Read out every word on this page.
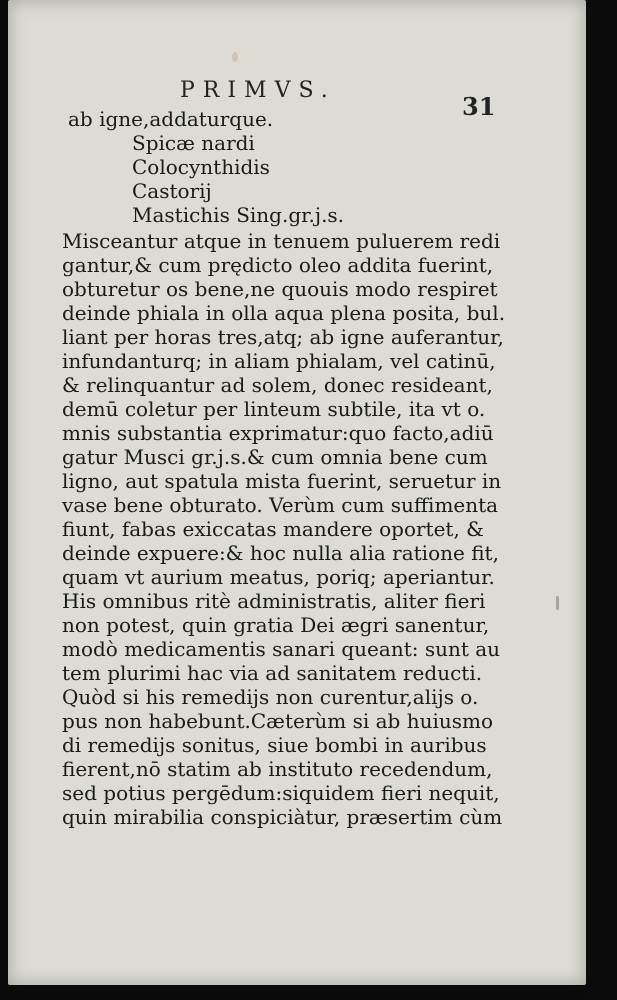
PRIMVS.
31
ab igne,addaturque.
Spicæ nardi
Colocynthidis
Castorij
Mastichis Sing.gr.j.s.
Misceantur atque in tenuem puluerem redi
gantur,& cum prędicto oleo addita fuerint,
obturetur os bene,ne quouis modo respiret
deinde phiala in olla aqua plena posita, bul.
liant per horas tres,atq; ab igne auferantur,
infundanturq; in aliam phialam, vel catinū,
& relinquantur ad solem, donec resideant,
demū coletur per linteum subtile, ita vt o.
mnis substantia exprimatur:quo facto,adiū
gatur Musci gr.j.s.& cum omnia bene cum
ligno, aut spatula mista fuerint, seruetur in
vase bene obturato. Verùm cum suffimenta
fiunt, fabas exiccatas mandere oportet, &
deinde expuere:& hoc nulla alia ratione fit,
quam vt aurium meatus, poriq; aperiantur.
His omnibus ritè administratis, aliter fieri
non potest, quin gratia Dei ægri sanentur,
modò medicamentis sanari queant: sunt au
tem plurimi hac via ad sanitatem reducti.
Quòd si his remedijs non curentur,alijs o.
pus non habebunt.Cæterùm si ab huiusmo
di remedijs sonitus, siue bombi in auribus
fierent,nō statim ab instituto recedendum,
sed potius pergēdum:siquidem fieri nequit,
quin mirabilia conspiciàtur, præsertim cùm
